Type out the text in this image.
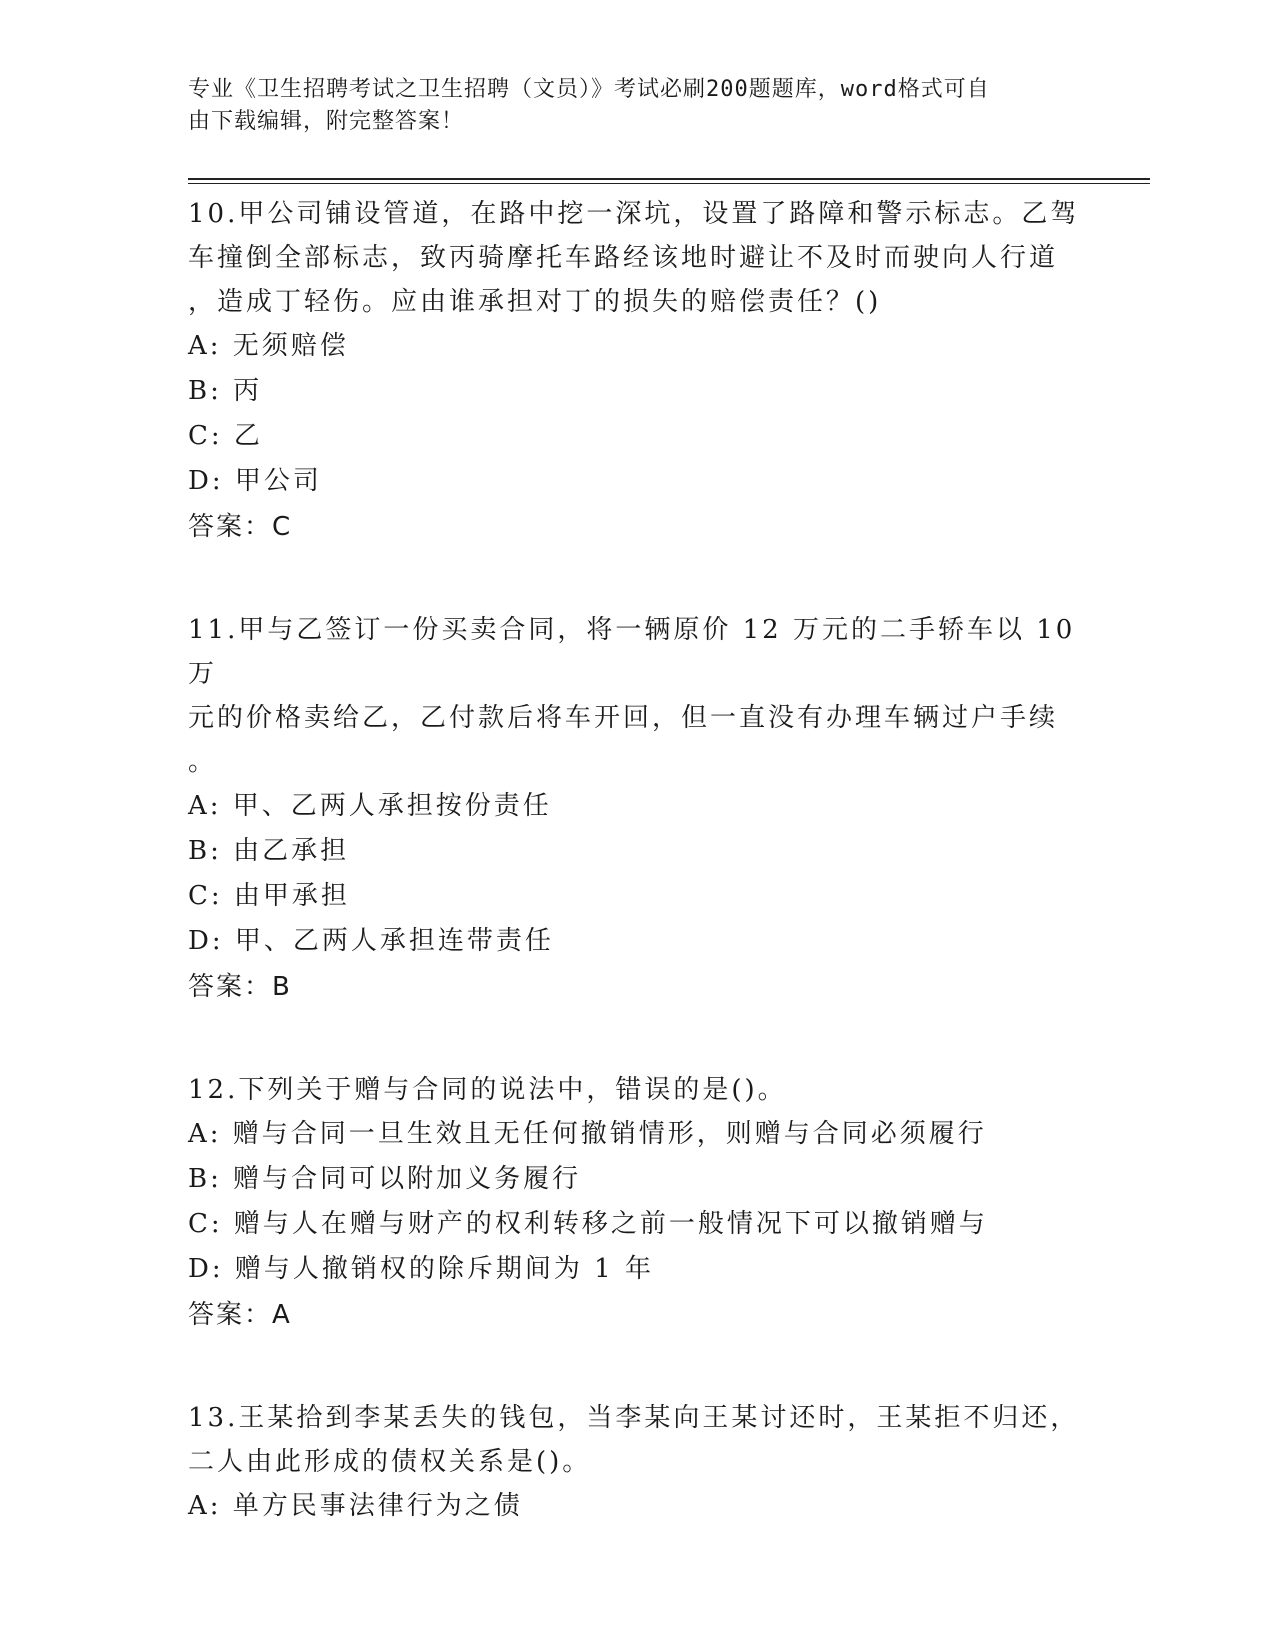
专业《卫生招聘考试之卫生招聘（文员）》考试必刷200题题库，word格式可自
由下载编辑，附完整答案！
10.甲公司铺设管道，在路中挖一深坑，设置了路障和警示标志。乙驾
车撞倒全部标志，致丙骑摩托车路经该地时避让不及时而驶向人行道
，造成丁轻伤。应由谁承担对丁的损失的赔偿责任？()
A: 无须赔偿
B: 丙
C: 乙
D: 甲公司
答案：C
11.甲与乙签订一份买卖合同，将一辆原价 12 万元的二手轿车以 10 万
元的价格卖给乙，乙付款后将车开回，但一直没有办理车辆过户手续
。
A: 甲、乙两人承担按份责任
B: 由乙承担
C: 由甲承担
D: 甲、乙两人承担连带责任
答案：B
12.下列关于赠与合同的说法中，错误的是()。
A: 赠与合同一旦生效且无任何撤销情形，则赠与合同必须履行
B: 赠与合同可以附加义务履行
C: 赠与人在赠与财产的权利转移之前一般情况下可以撤销赠与
D: 赠与人撤销权的除斥期间为 1 年
答案：A
13.王某拾到李某丢失的钱包，当李某向王某讨还时，王某拒不归还，
二人由此形成的债权关系是()。
A: 单方民事法律行为之债
